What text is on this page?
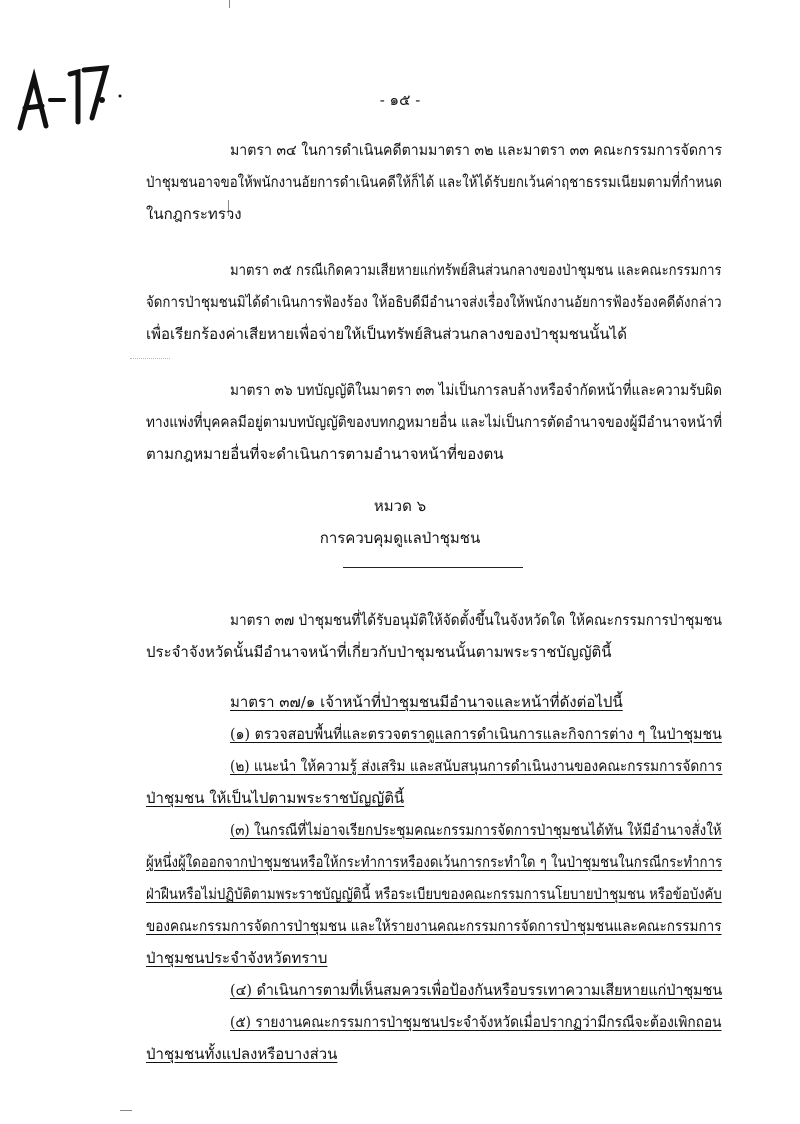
- ๑๕ -
มาตรา ๓๔ ในการดำเนินคดีตามมาตรา ๓๒ และมาตรา ๓๓ คณะกรรมการจัดการ
ป่าชุมชนอาจขอให้พนักงานอัยการดำเนินคดีให้ก็ได้ และให้ได้รับยกเว้นค่าฤชาธรรมเนียมตามที่กำหนด
ในกฎกระทรวง
มาตรา ๓๕ กรณีเกิดความเสียหายแก่ทรัพย์สินส่วนกลางของป่าชุมชน และคณะกรรมการ
จัดการป่าชุมชนมิได้ดำเนินการฟ้องร้อง ให้อธิบดีมีอำนาจส่งเรื่องให้พนักงานอัยการฟ้องร้องคดีดังกล่าว
เพื่อเรียกร้องค่าเสียหายเพื่อจ่ายให้เป็นทรัพย์สินส่วนกลางของป่าชุมชนนั้นได้
มาตรา ๓๖ บทบัญญัติในมาตรา ๓๓ ไม่เป็นการลบล้างหรือจำกัดหน้าที่และความรับผิด
ทางแพ่งที่บุคคลมีอยู่ตามบทบัญญัติของบทกฎหมายอื่น และไม่เป็นการตัดอำนาจของผู้มีอำนาจหน้าที่
ตามกฎหมายอื่นที่จะดำเนินการตามอำนาจหน้าที่ของตน
หมวด ๖
การควบคุมดูแลป่าชุมชน
มาตรา ๓๗ ป่าชุมชนที่ได้รับอนุมัติให้จัดตั้งขึ้นในจังหวัดใด ให้คณะกรรมการป่าชุมชน
ประจำจังหวัดนั้นมีอำนาจหน้าที่เกี่ยวกับป่าชุมชนนั้นตามพระราชบัญญัตินี้
มาตรา ๓๗/๑ เจ้าหน้าที่ป่าชุมชนมีอำนาจและหน้าที่ดังต่อไปนี้
(๑) ตรวจสอบพื้นที่และตรวจตราดูแลการดำเนินการและกิจการต่าง ๆ ในป่าชุมชน
(๒) แนะนำ ให้ความรู้ ส่งเสริม และสนับสนุนการดำเนินงานของคณะกรรมการจัดการ
ป่าชุมชน ให้เป็นไปตามพระราชบัญญัตินี้
(๓) ในกรณีที่ไม่อาจเรียกประชุมคณะกรรมการจัดการป่าชุมชนได้ทัน ให้มีอำนาจสั่งให้
ผู้หนึ่งผู้ใดออกจากป่าชุมชนหรือให้กระทำการหรืองดเว้นการกระทำใด ๆ ในป่าชุมชนในกรณีกระทำการ
ฝ่าฝืนหรือไม่ปฏิบัติตามพระราชบัญญัตินี้ หรือระเบียบของคณะกรรมการนโยบายป่าชุมชน หรือข้อบังคับ
ของคณะกรรมการจัดการป่าชุมชน และให้รายงานคณะกรรมการจัดการป่าชุมชนและคณะกรรมการ
ป่าชุมชนประจำจังหวัดทราบ
(๔) ดำเนินการตามที่เห็นสมควรเพื่อป้องกันหรือบรรเทาความเสียหายแก่ป่าชุมชน
(๕) รายงานคณะกรรมการป่าชุมชนประจำจังหวัดเมื่อปรากฏว่ามีกรณีจะต้องเพิกถอน
ป่าชุมชนทั้งแปลงหรือบางส่วน
